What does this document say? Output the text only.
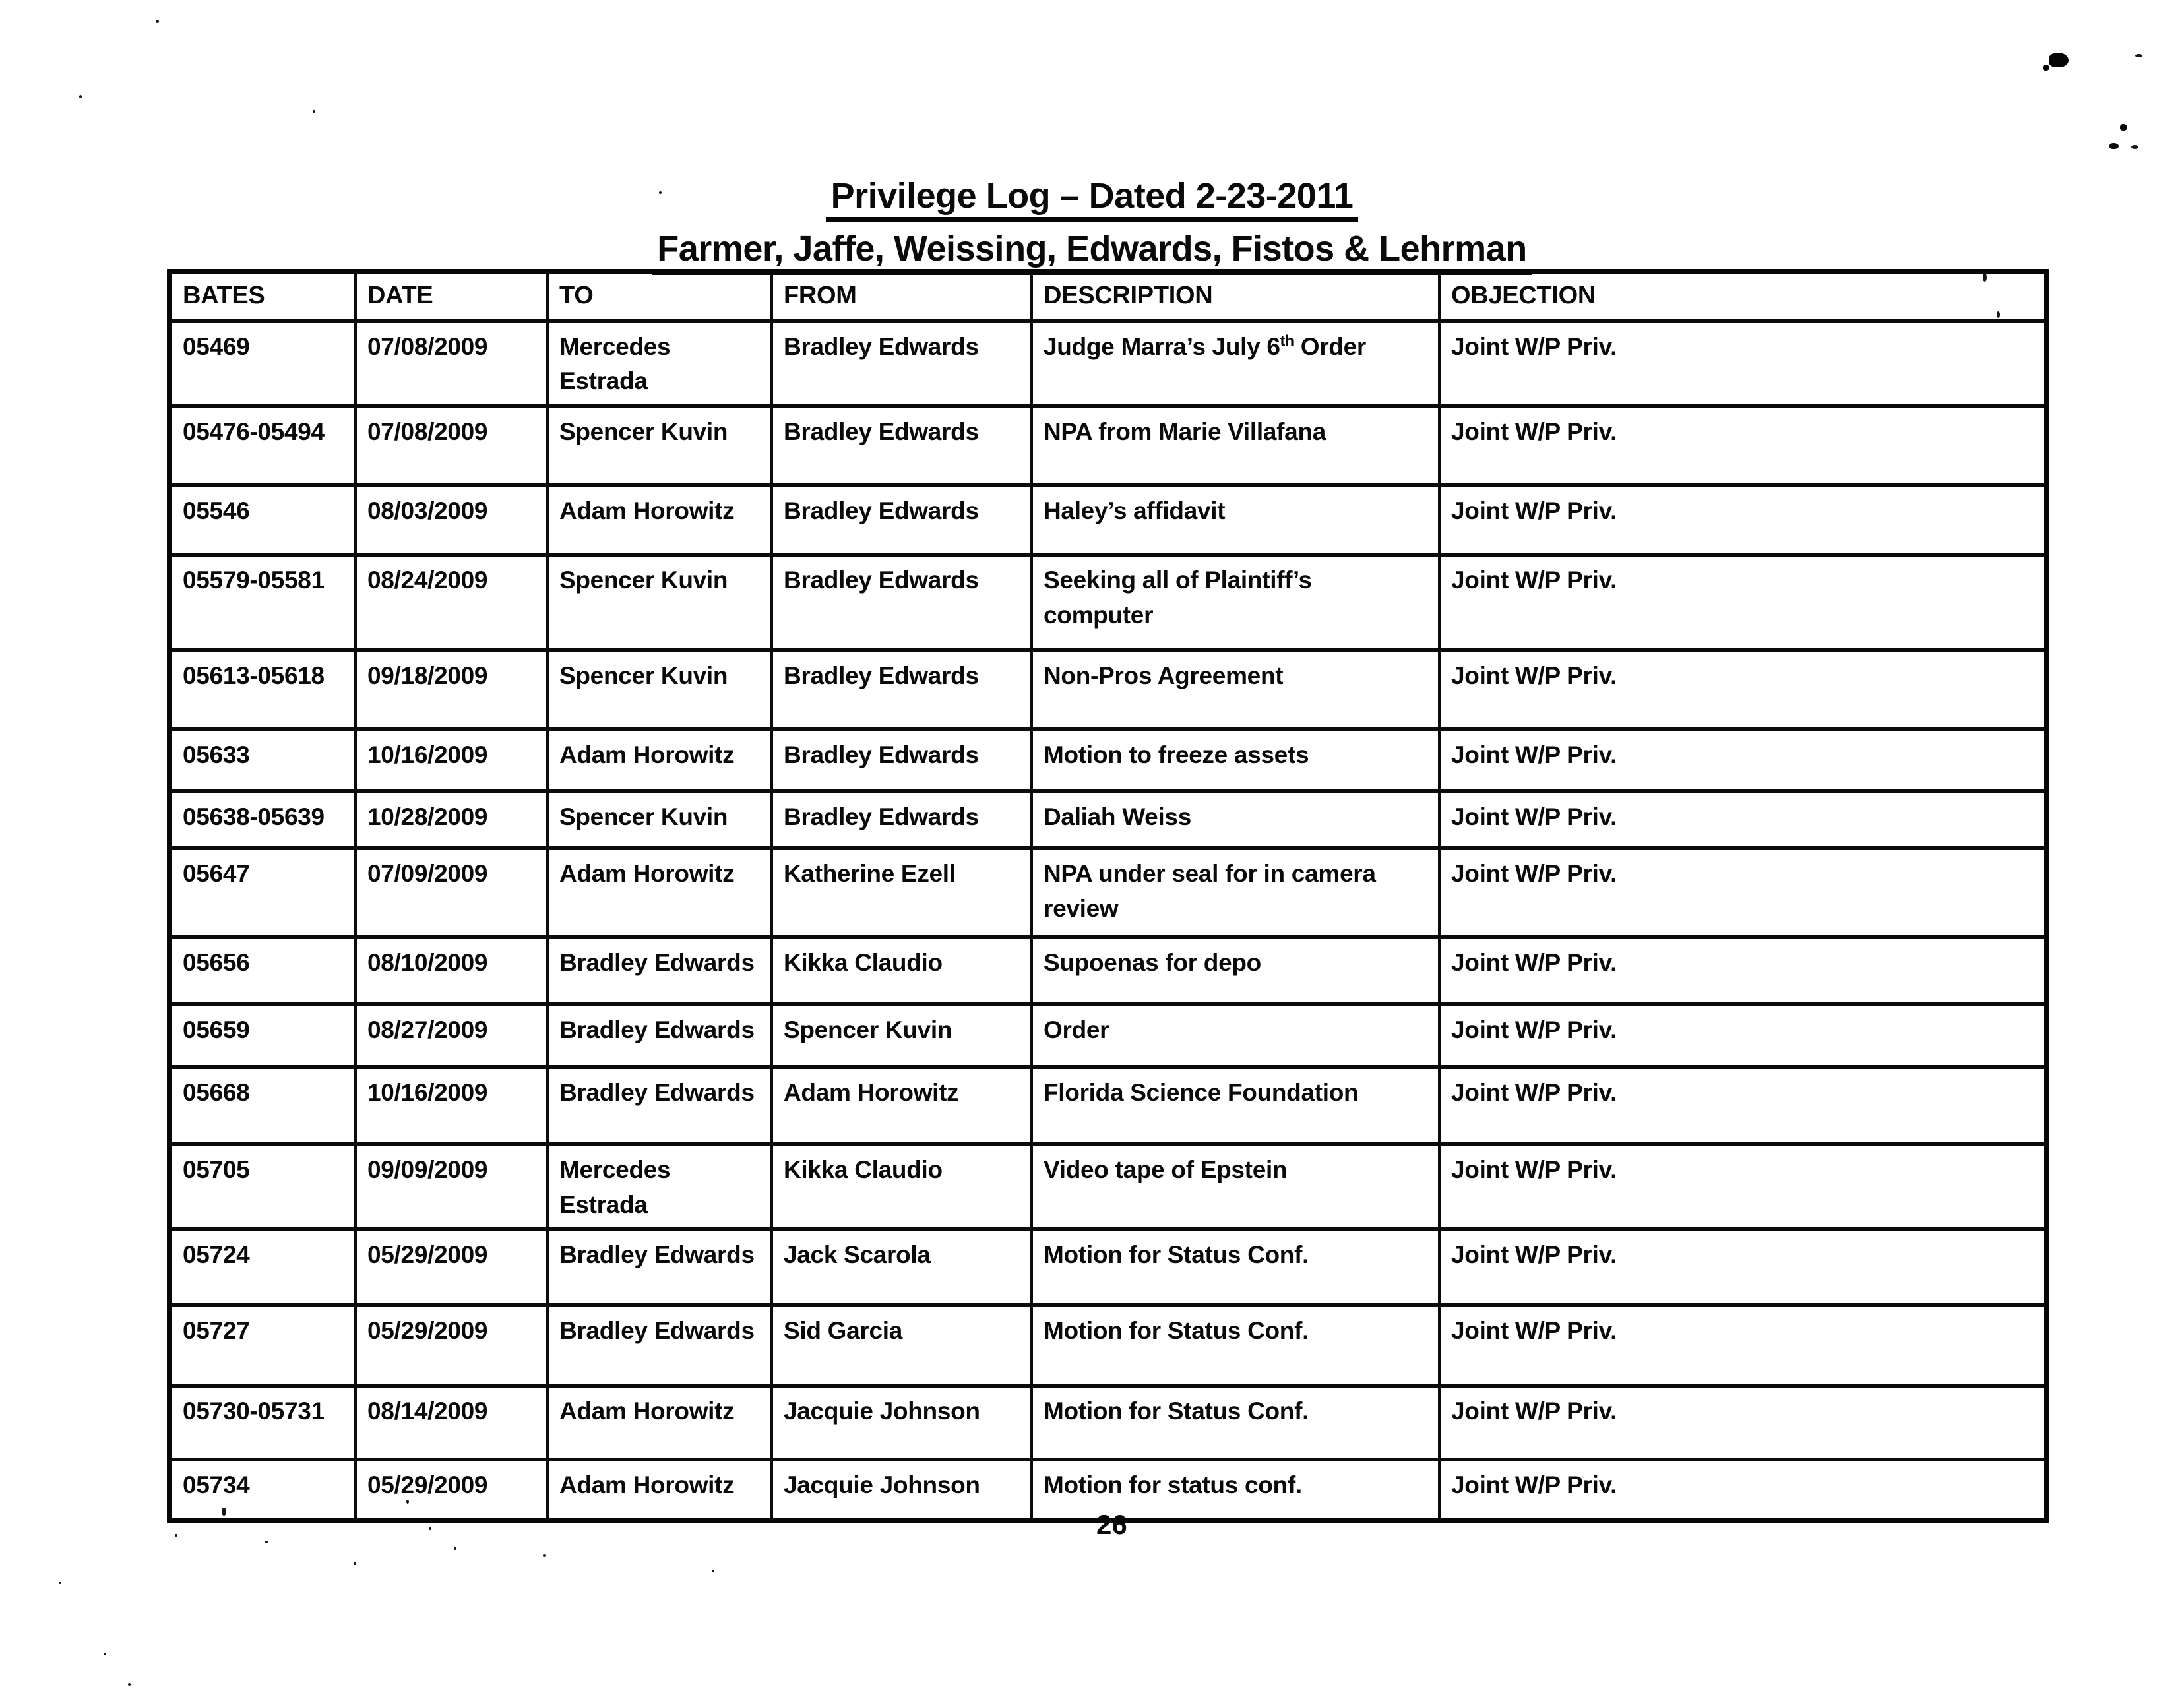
Privilege Log – Dated 2-23-2011
Farmer, Jaffe, Weissing, Edwards, Fistos & Lehrman
BATES	DATE	TO	FROM	DESCRIPTION	OBJECTION
05469	07/08/2009	Mercedes Estrada	Bradley Edwards	Judge Marra’s July 6th Order	Joint W/P Priv.
05476-05494	07/08/2009	Spencer Kuvin	Bradley Edwards	NPA from Marie Villafana	Joint W/P Priv.
05546	08/03/2009	Adam Horowitz	Bradley Edwards	Haley’s affidavit	Joint W/P Priv.
05579-05581	08/24/2009	Spencer Kuvin	Bradley Edwards	Seeking all of Plaintiff’s computer	Joint W/P Priv.
05613-05618	09/18/2009	Spencer Kuvin	Bradley Edwards	Non-Pros Agreement	Joint W/P Priv.
05633	10/16/2009	Adam Horowitz	Bradley Edwards	Motion to freeze assets	Joint W/P Priv.
05638-05639	10/28/2009	Spencer Kuvin	Bradley Edwards	Daliah Weiss	Joint W/P Priv.
05647	07/09/2009	Adam Horowitz	Katherine Ezell	NPA under seal for in camera review	Joint W/P Priv.
05656	08/10/2009	Bradley Edwards	Kikka Claudio	Supoenas for depo	Joint W/P Priv.
05659	08/27/2009	Bradley Edwards	Spencer Kuvin	Order	Joint W/P Priv.
05668	10/16/2009	Bradley Edwards	Adam Horowitz	Florida Science Foundation	Joint W/P Priv.
05705	09/09/2009	Mercedes Estrada	Kikka Claudio	Video tape of Epstein	Joint W/P Priv.
05724	05/29/2009	Bradley Edwards	Jack Scarola	Motion for Status Conf.	Joint W/P Priv.
05727	05/29/2009	Bradley Edwards	Sid Garcia	Motion for Status Conf.	Joint W/P Priv.
05730-05731	08/14/2009	Adam Horowitz	Jacquie Johnson	Motion for Status Conf.	Joint W/P Priv.
05734	05/29/2009	Adam Horowitz	Jacquie Johnson	Motion for status conf.	Joint W/P Priv.
26
